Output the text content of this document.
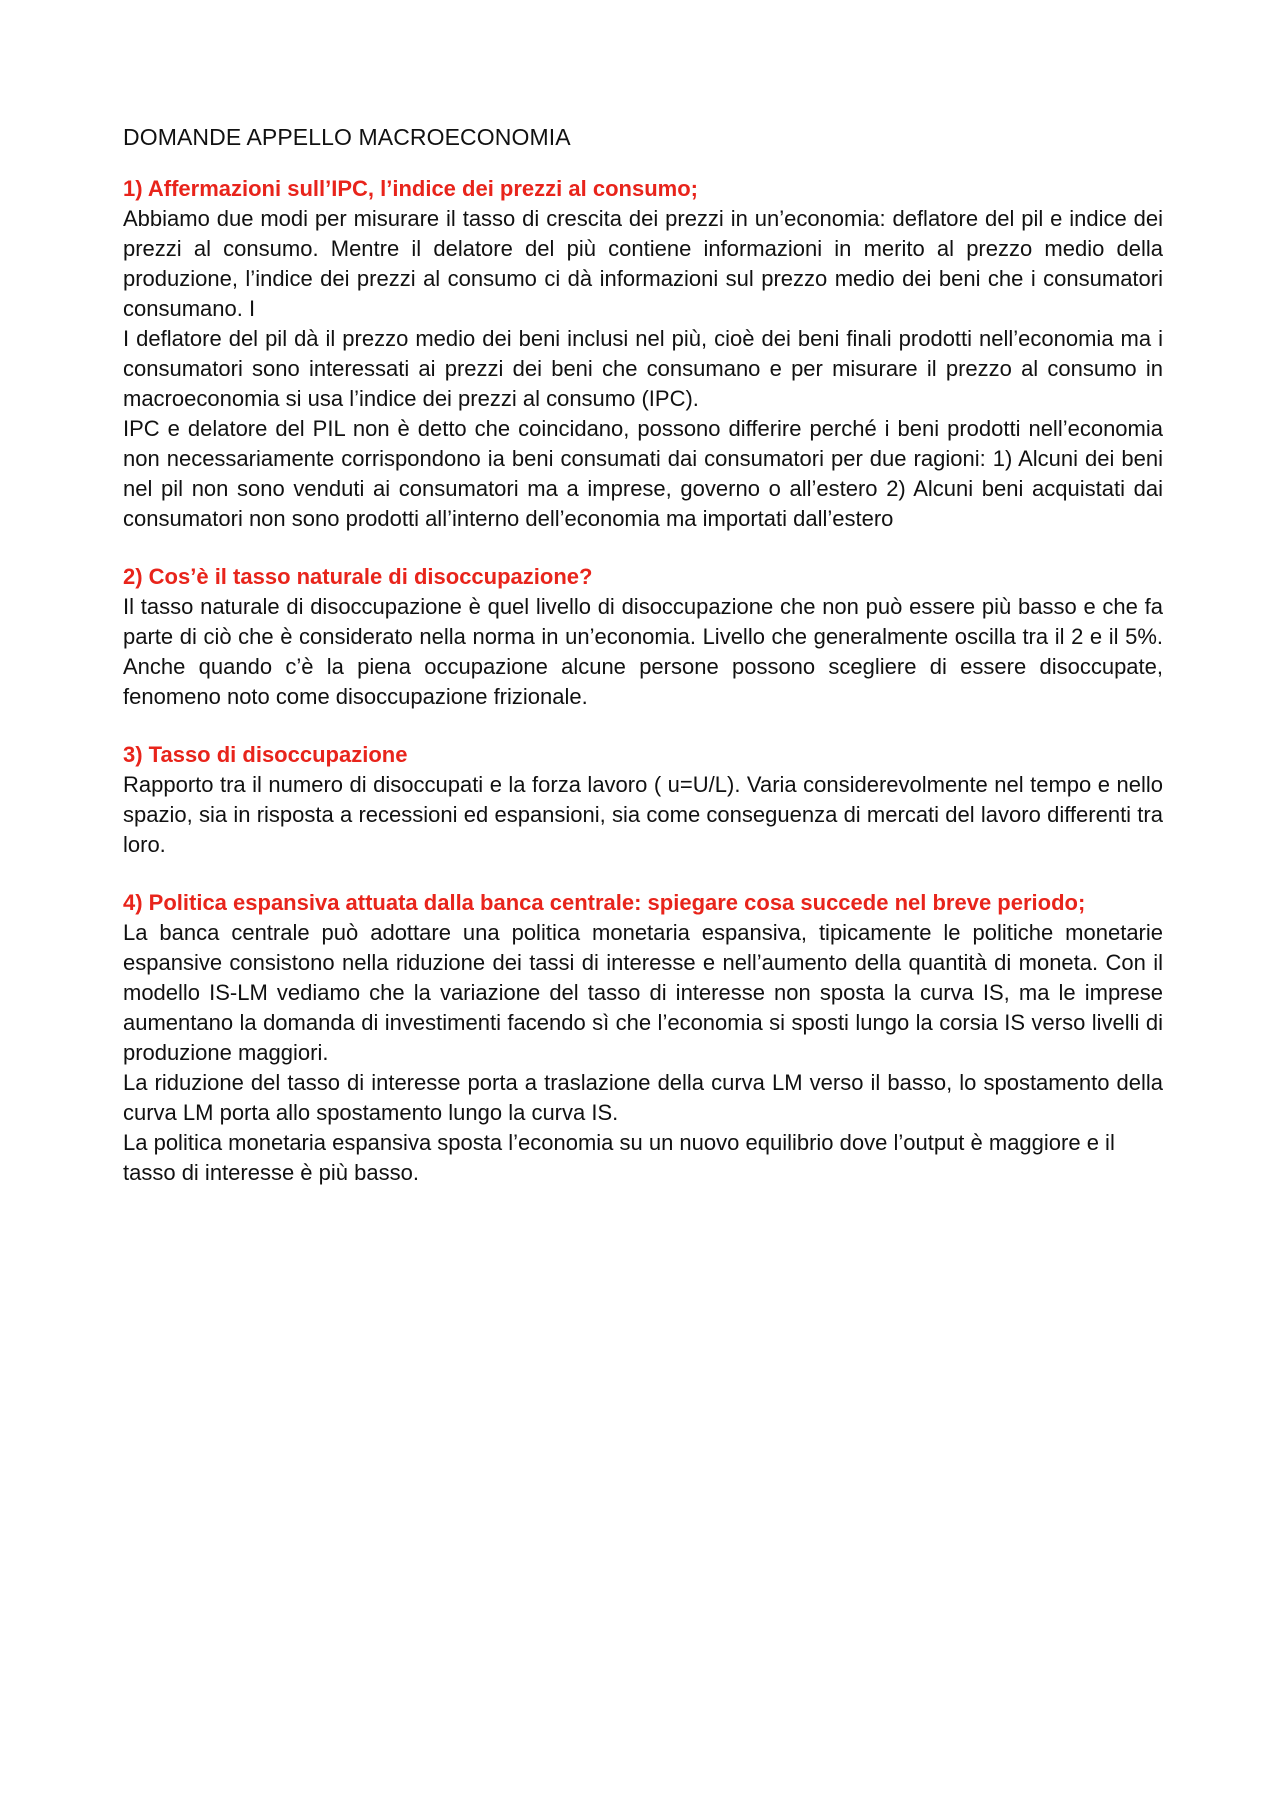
DOMANDE APPELLO MACROECONOMIA
1) Affermazioni sull’IPC, l’indice dei prezzi al consumo;
Abbiamo due modi per misurare il tasso di crescita dei prezzi in un’economia: deflatore del pil e indice dei prezzi al consumo. Mentre il delatore del più contiene informazioni in merito al prezzo medio della produzione, l’indice dei prezzi al consumo ci dà informazioni sul prezzo medio dei beni che i consumatori consumano. I
I deflatore del pil dà il prezzo medio dei beni inclusi nel più, cioè dei beni finali prodotti nell’economia ma i consumatori sono interessati ai prezzi dei beni che consumano e per misurare il prezzo al consumo in macroeconomia si usa l’indice dei prezzi al consumo (IPC).
IPC e delatore del PIL non è detto che coincidano, possono differire perché i beni prodotti nell’economia non necessariamente corrispondono ia beni consumati dai consumatori per due ragioni: 1) Alcuni dei beni nel pil non sono venduti ai consumatori ma a imprese, governo o all’estero 2) Alcuni beni acquistati dai consumatori non sono prodotti all’interno dell’economia ma importati dall’estero
2) Cos’è il tasso naturale di disoccupazione?
Il tasso naturale di disoccupazione è quel livello di disoccupazione che non può essere più basso e che fa parte di ciò che è considerato nella norma in un’economia. Livello che generalmente oscilla tra il 2 e il 5%. Anche quando c’è la piena occupazione alcune persone possono scegliere di essere disoccupate, fenomeno noto come disoccupazione frizionale.
3) Tasso di disoccupazione
Rapporto tra il numero di disoccupati e la forza lavoro ( u=U/L). Varia considerevolmente nel tempo e nello spazio, sia in risposta a recessioni ed espansioni, sia come conseguenza di mercati del lavoro differenti tra loro.
4) Politica espansiva attuata dalla banca centrale: spiegare cosa succede nel breve periodo;
La banca centrale può adottare una politica monetaria espansiva, tipicamente le politiche monetarie espansive consistono nella riduzione dei tassi di interesse e nell’aumento della quantità di moneta. Con il modello IS-LM vediamo che la variazione del tasso di interesse non sposta la curva IS, ma le imprese aumentano la domanda di investimenti facendo sì che l’economia si sposti lungo la corsia IS verso livelli di produzione maggiori.
La riduzione del tasso di interesse porta a traslazione della curva LM verso il basso, lo spostamento della curva LM porta allo spostamento lungo la curva IS.
La politica monetaria espansiva sposta l’economia su un nuovo equilibrio dove l’output è maggiore e il tasso di interesse è più basso.
